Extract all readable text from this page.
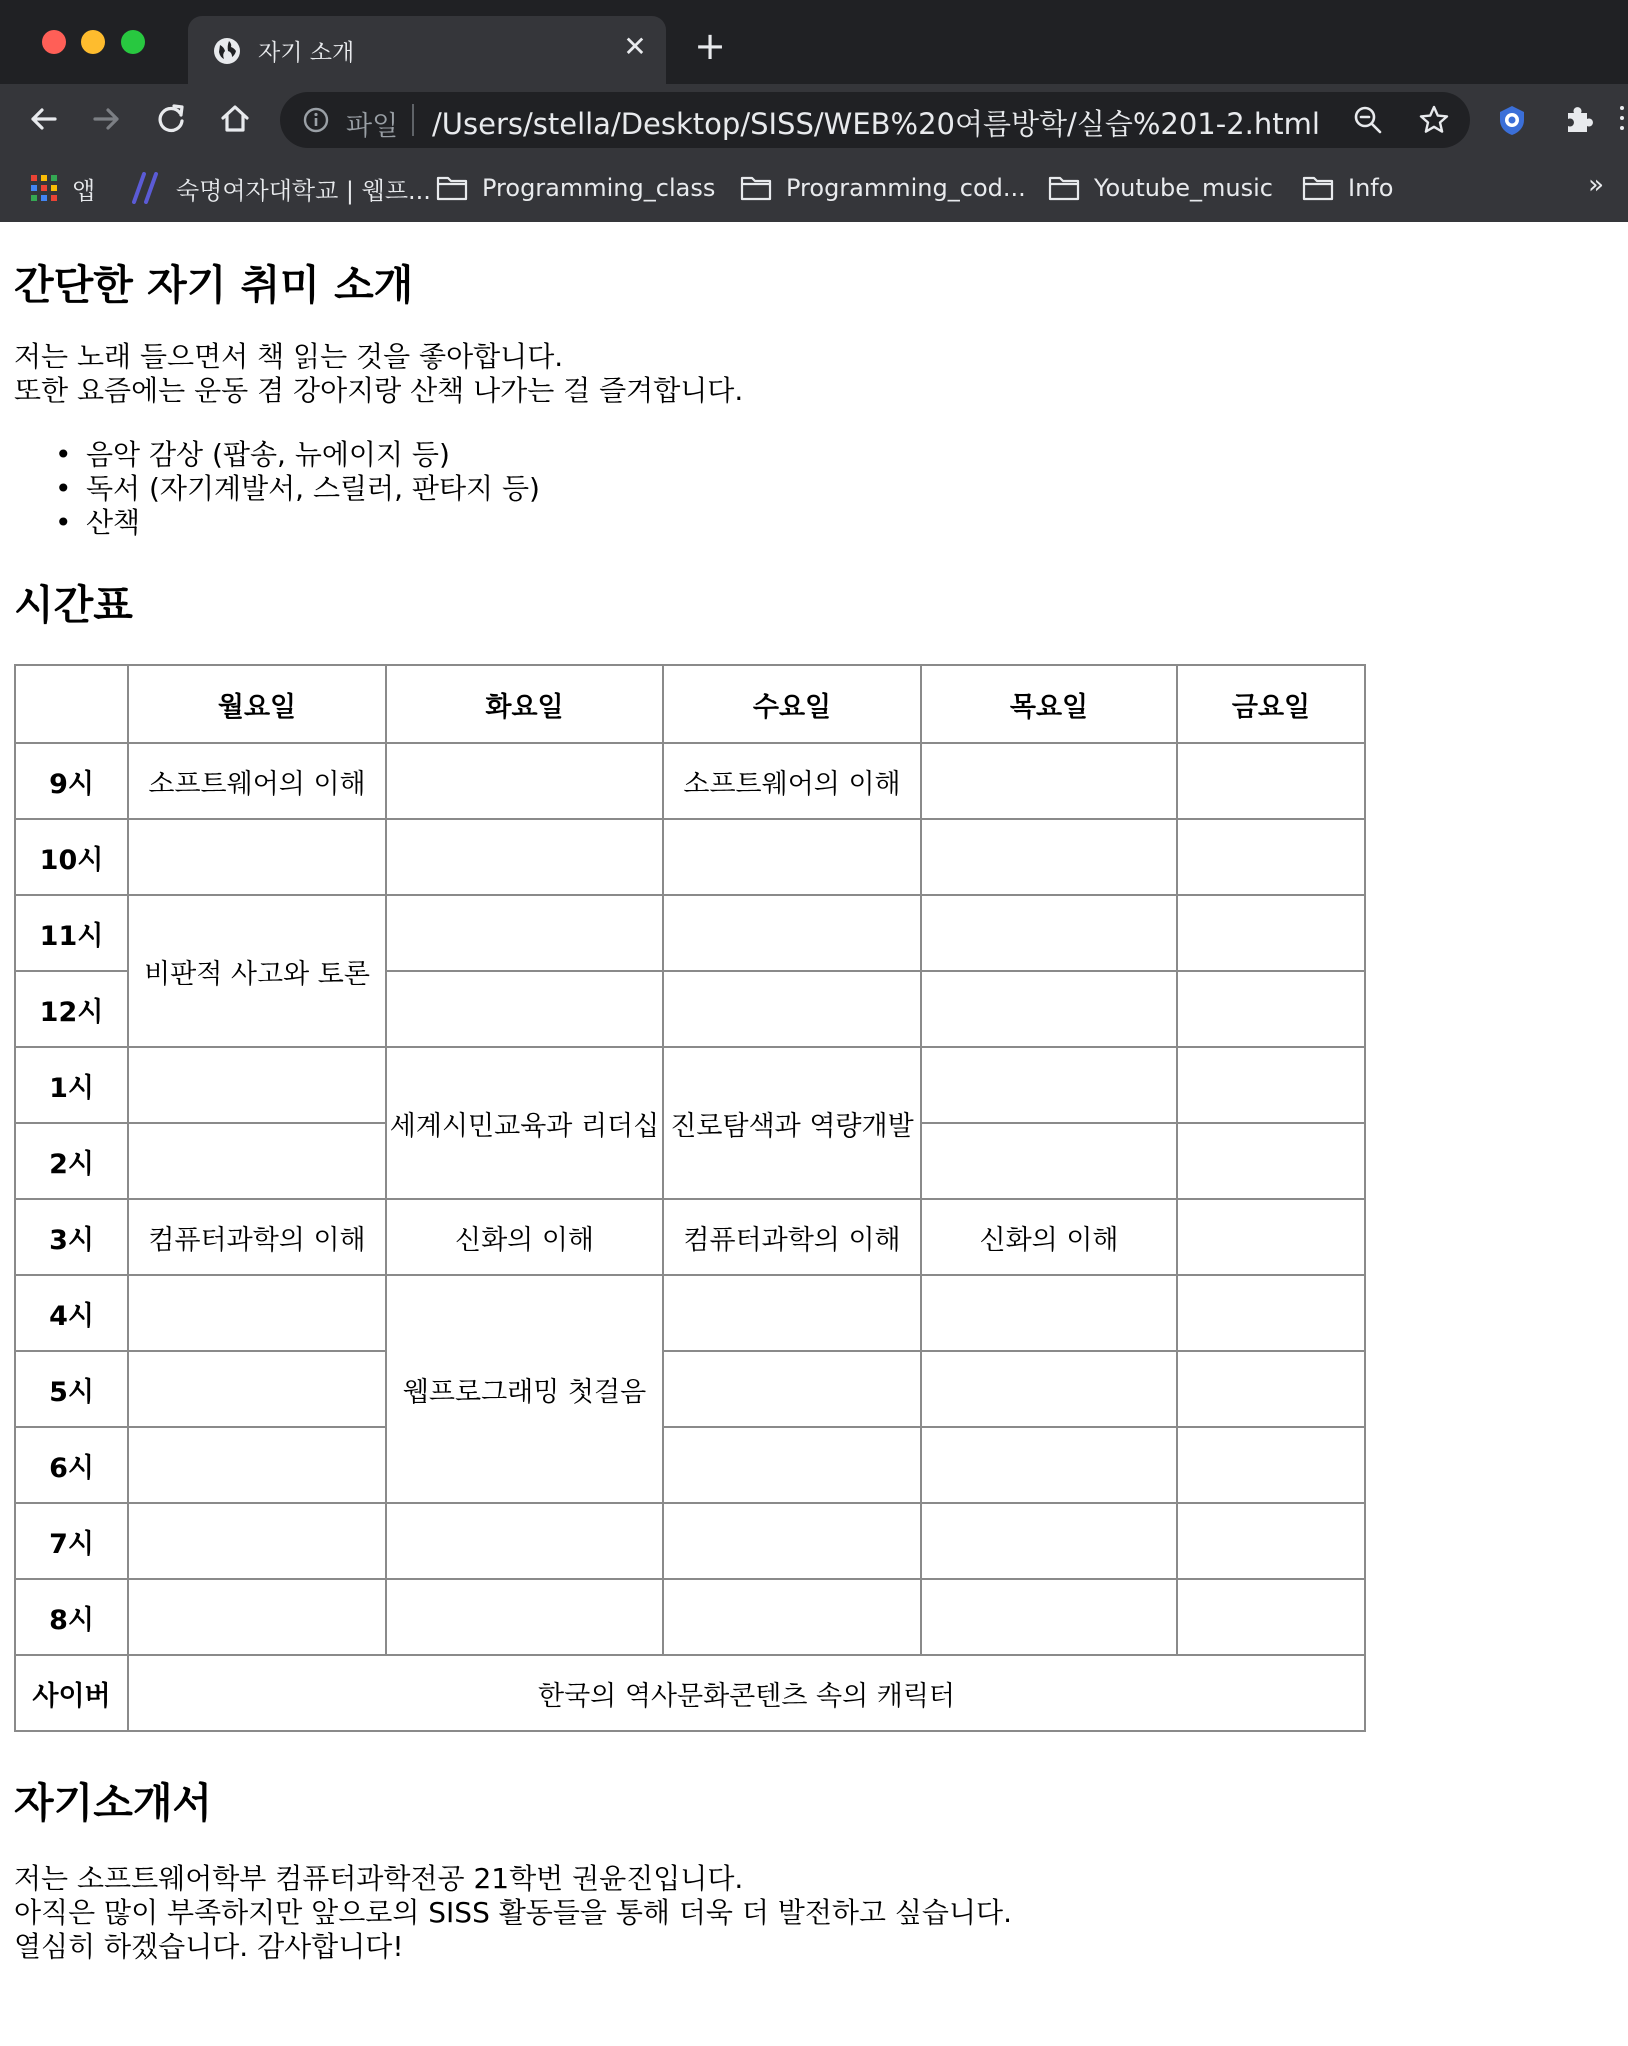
자기 소개	✕ +
파일 /Users/stella/Desktop/SISS/WEB%20여름방학/실습%201-2.html
앱	숙명여자대학교 | 웹프... Programming_class	Programming_cod...	Youtube_music	Info	»
간단한 자기 취미 소개
저는 노래 들으면서 책 읽는 것을 좋아합니다.
또한 요즘에는 운동 겸 강아지랑 산책 나가는 걸 즐겨합니다.
• 음악 감상 (팝송, 뉴에이지 등)
• 독서 (자기계발서, 스릴러, 판타지 등)
• 산책
시간표
	월요일	화요일	수요일	목요일	금요일
9시	소프트웨어의 이해		소프트웨어의 이해		
10시					
11시	비판적 사고와 토론				
12시					
1시		세계시민교육과 리더십	진로탐색과 역량개발		
2시					
3시	컴퓨터과학의 이해	신화의 이해	컴퓨터과학의 이해	신화의 이해	
4시		웹프로그래밍 첫걸음			
5시					
6시					
7시					
8시					
사이버	한국의 역사문화콘텐츠 속의 캐릭터				
자기소개서
저는 소프트웨어학부 컴퓨터과학전공 21학번 권윤진입니다.
아직은 많이 부족하지만 앞으로의 SISS 활동들을 통해 더욱 더 발전하고 싶습니다.
열심히 하겠습니다. 감사합니다!
